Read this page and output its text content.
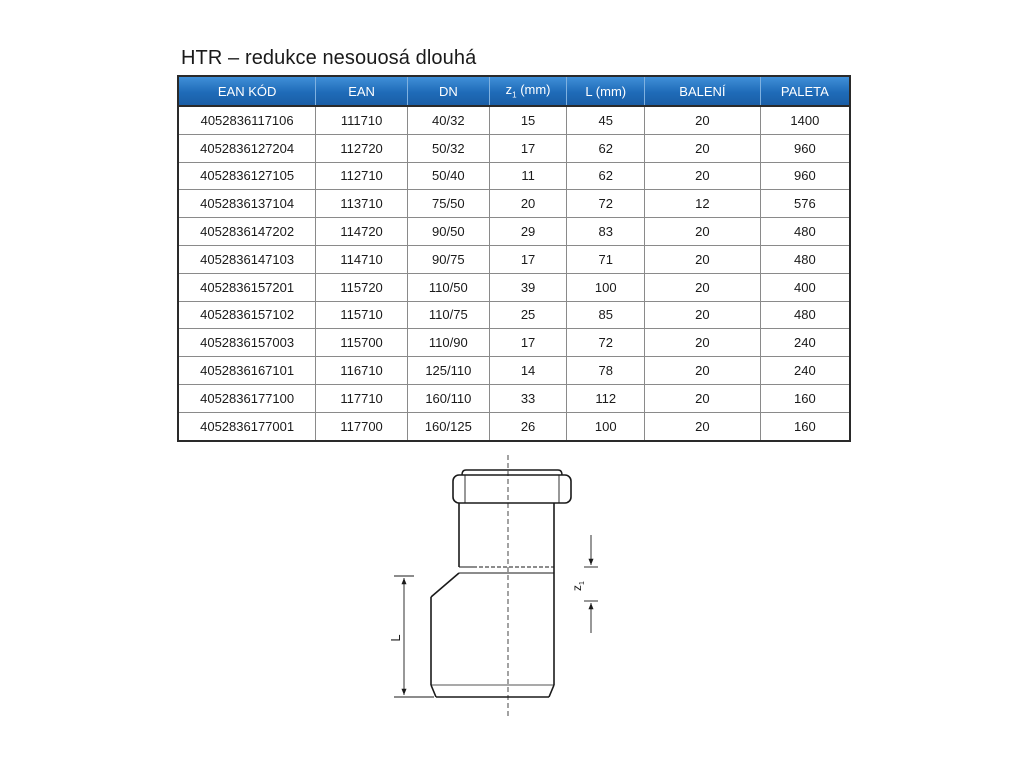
HTR – redukce nesouosá dlouhá
EAN KÓD	EAN	DN	$z_1$ (mm)	L (mm)	BALENÍ	PALETA
4052836117106	111710	40/32	15	45	20	1400
4052836127204	112720	50/32	17	62	20	960
4052836127105	112710	50/40	11	62	20	960
4052836137104	113710	75/50	20	72	12	576
4052836147202	114720	90/50	29	83	20	480
4052836147103	114710	90/75	17	71	20	480
4052836157201	115720	110/50	39	100	20	400
4052836157102	115710	110/75	25	85	20	480
4052836157003	115700	110/90	17	72	20	240
4052836167101	116710	125/110	14	78	20	240
4052836177100	117710	160/110	33	112	20	160
4052836177001	117700	160/125	26	100	20	160
L
$z_1$
